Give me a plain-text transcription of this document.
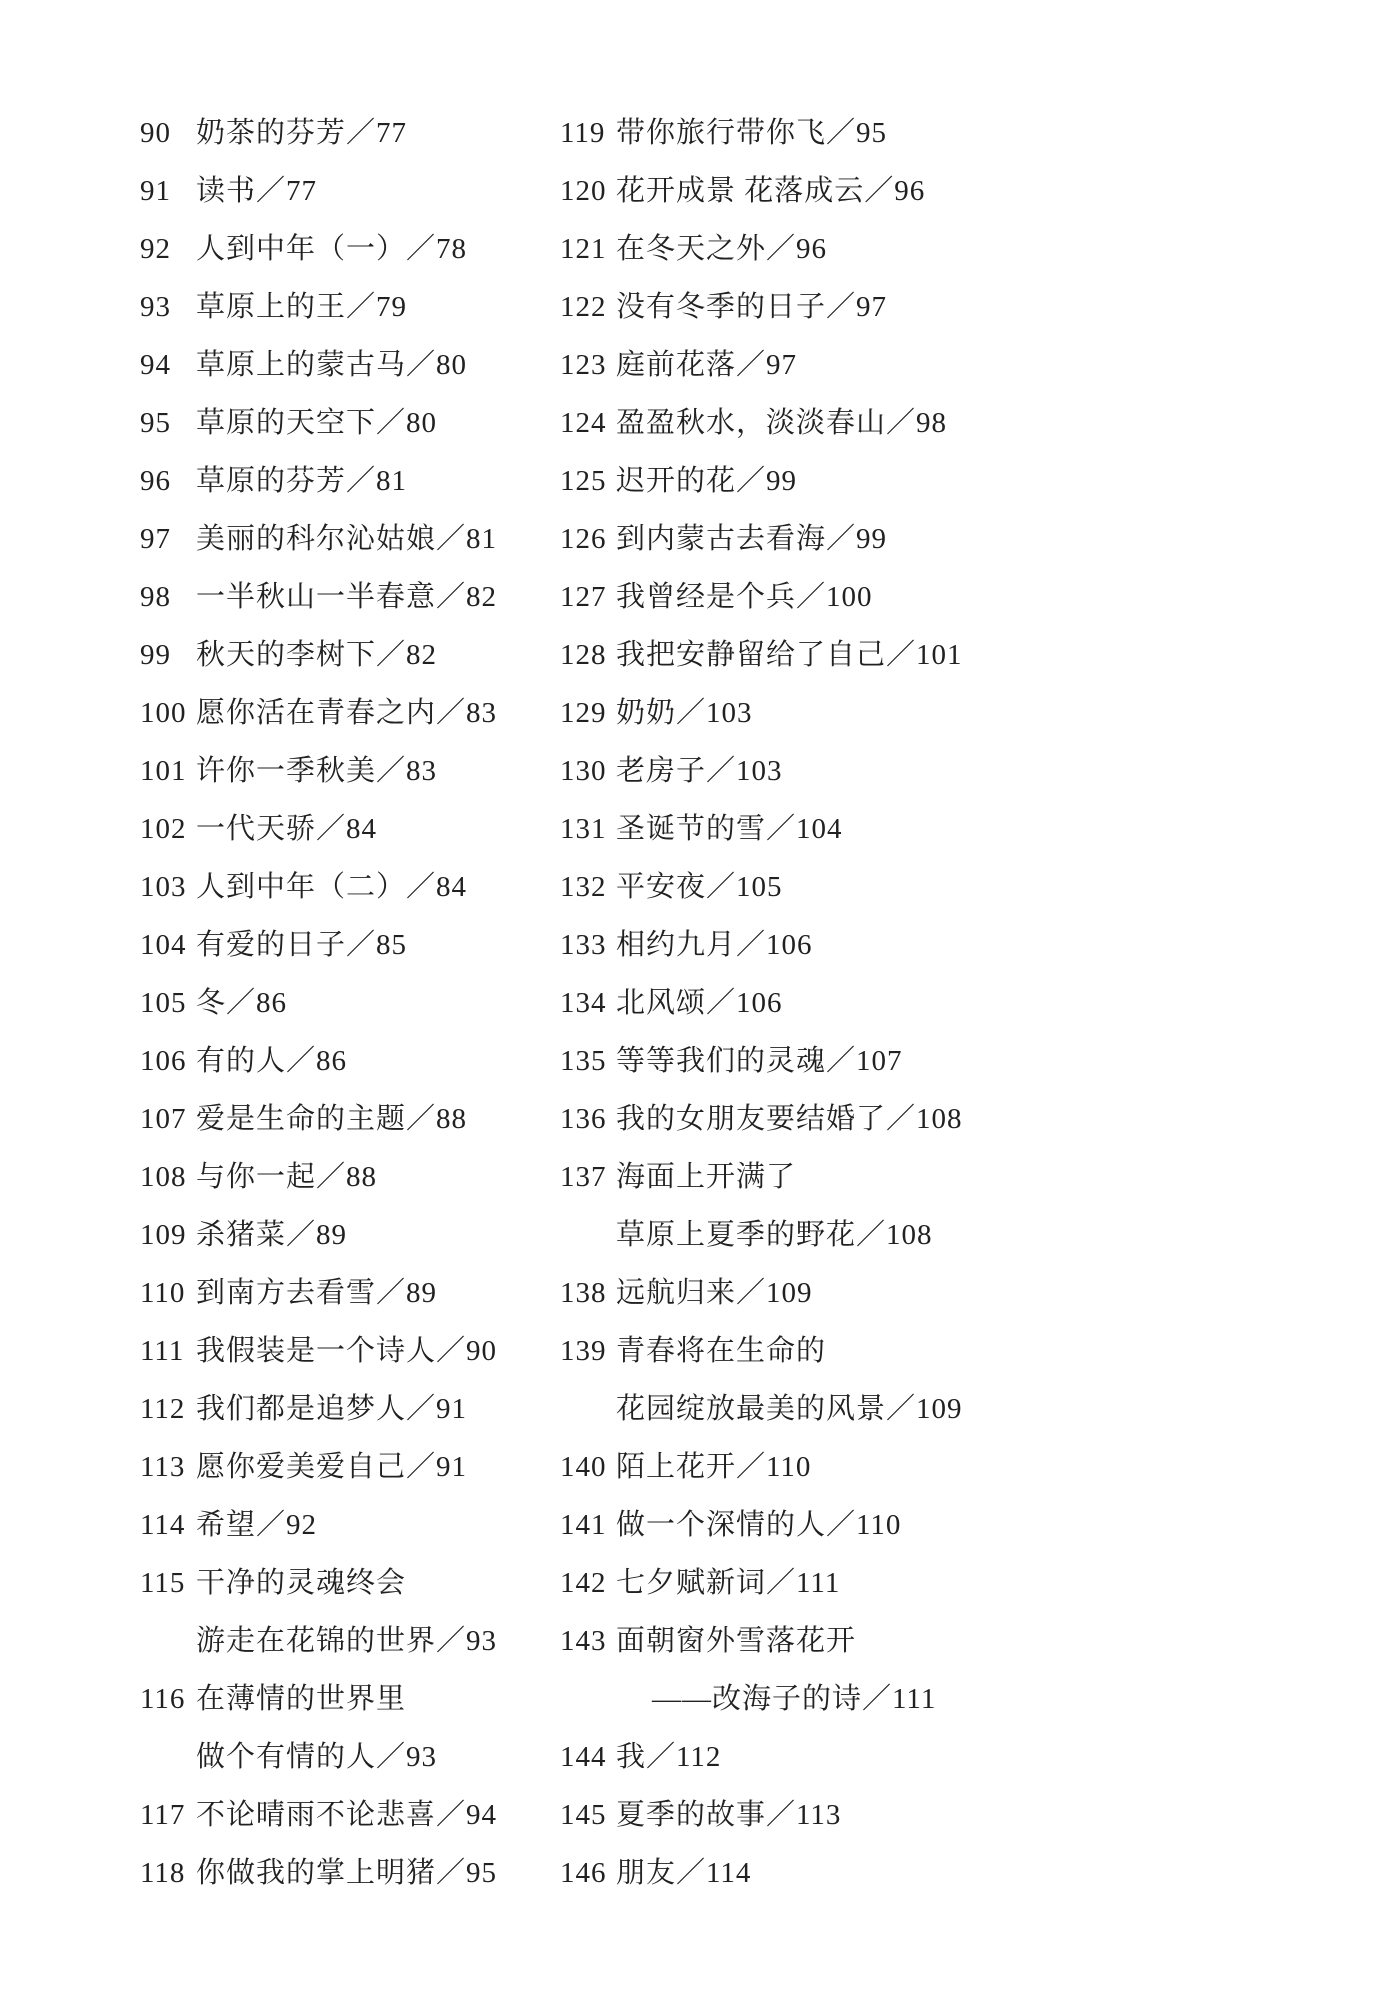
90 奶茶的芬芳／77
91 读书／77
92 人到中年（一）／78
93 草原上的王／79
94 草原上的蒙古马／80
95 草原的天空下／80
96 草原的芬芳／81
97 美丽的科尔沁姑娘／81
98 一半秋山一半春意／82
99 秋天的李树下／82
100 愿你活在青春之内／83
101 许你一季秋美／83
102 一代天骄／84
103 人到中年（二）／84
104 有爱的日子／85
105 冬／86
106 有的人／86
107 爱是生命的主题／88
108 与你一起／88
109 杀猪菜／89
110 到南方去看雪／89
111 我假装是一个诗人／90
112 我们都是追梦人／91
113 愿你爱美爱自己／91
114 希望／92
115 干净的灵魂终会
游走在花锦的世界／93
116 在薄情的世界里
做个有情的人／93
117 不论晴雨不论悲喜／94
118 你做我的掌上明猪／95
119 带你旅行带你飞／95
120 花开成景 花落成云／96
121 在冬天之外／96
122 没有冬季的日子／97
123 庭前花落／97
124 盈盈秋水，淡淡春山／98
125 迟开的花／99
126 到内蒙古去看海／99
127 我曾经是个兵／100
128 我把安静留给了自己／101
129 奶奶／103
130 老房子／103
131 圣诞节的雪／104
132 平安夜／105
133 相约九月／106
134 北风颂／106
135 等等我们的灵魂／107
136 我的女朋友要结婚了／108
137 海面上开满了
草原上夏季的野花／108
138 远航归来／109
139 青春将在生命的
花园绽放最美的风景／109
140 陌上花开／110
141 做一个深情的人／110
142 七夕赋新词／111
143 面朝窗外雪落花开
——改海子的诗／111
144 我／112
145 夏季的故事／113
146 朋友／114
